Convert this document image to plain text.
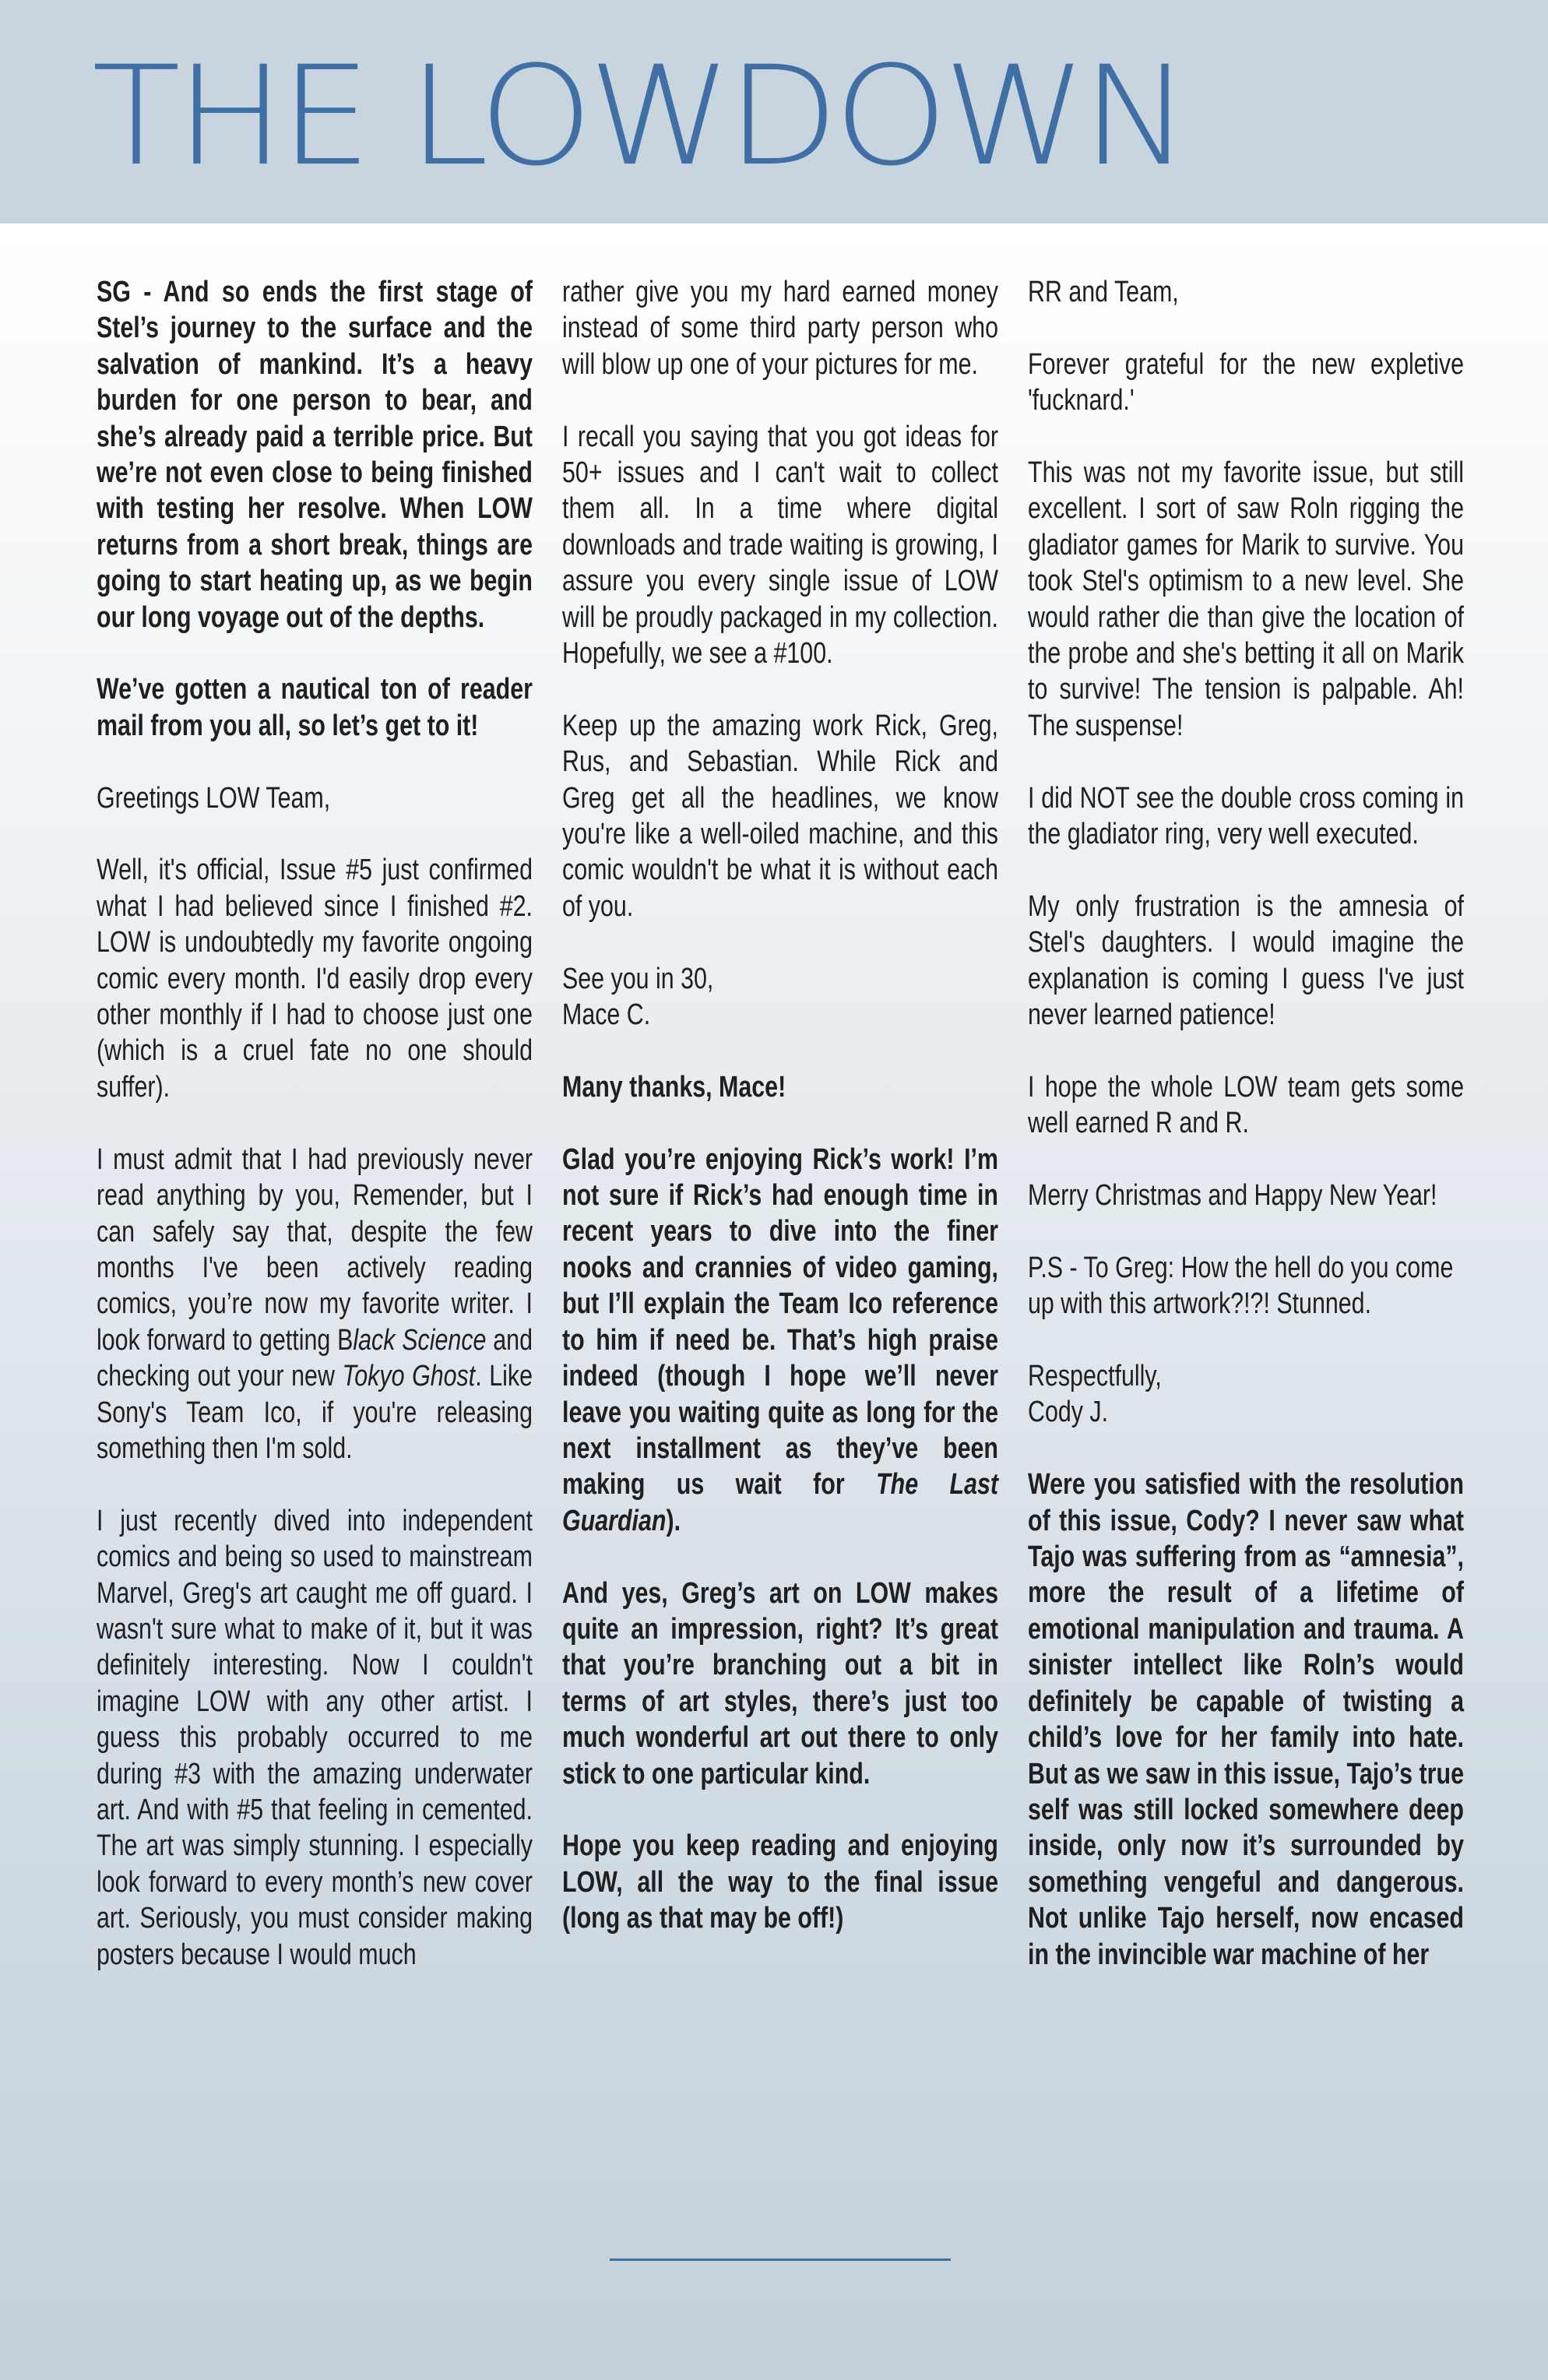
THE LOWDOWN

SG - And so ends the first stage of Stel’s journey to the surface and the salvation of mankind. It’s a heavy burden for one person to bear, and she’s already paid a terrible price. But we’re not even close to being finished with testing her resolve. When LOW returns from a short break, things are going to start heating up, as we begin our long voyage out of the depths.

We’ve gotten a nautical ton of reader mail from you all, so let’s get to it!

Greetings LOW Team,

Well, it's official, Issue #5 just confirmed what I had believed since I finished #2. LOW is undoubtedly my favorite ongoing comic every month. I'd easily drop every other monthly if I had to choose just one (which is a cruel fate no one should suffer).

I must admit that I had previously never read anything by you, Remender, but I can safely say that, despite the few months I've been actively reading comics, you’re now my favorite writer. I look forward to getting Black Science and checking out your new Tokyo Ghost. Like Sony's Team Ico, if you're releasing something then I'm sold.

I just recently dived into independent comics and being so used to mainstream Marvel, Greg's art caught me off guard. I wasn't sure what to make of it, but it was definitely interesting. Now I couldn't imagine LOW with any other artist. I guess this probably occurred to me during #3 with the amazing underwater art. And with #5 that feeling in cemented. The art was simply stunning. I especially look forward to every month’s new cover art. Seriously, you must consider making posters because I would much

rather give you my hard earned money instead of some third party person who will blow up one of your pictures for me.

I recall you saying that you got ideas for 50+ issues and I can't wait to collect them all. In a time where digital downloads and trade waiting is growing, I assure you every single issue of LOW will be proudly packaged in my collection. Hopefully, we see a #100.

Keep up the amazing work Rick, Greg, Rus, and Sebastian. While Rick and Greg get all the headlines, we know you're like a well-oiled machine, and this comic wouldn't be what it is without each of you.

See you in 30,

Mace C.

Many thanks, Mace!

Glad you’re enjoying Rick’s work! I’m not sure if Rick’s had enough time in recent years to dive into the finer nooks and crannies of video gaming, but I’ll explain the Team Ico reference to him if need be. That’s high praise indeed (though I hope we’ll never leave you waiting quite as long for the next installment as they’ve been making us wait for The Last Guardian).

And yes, Greg’s art on LOW makes quite an impression, right? It’s great that you’re branching out a bit in terms of art styles, there’s just too much wonderful art out there to only stick to one particular kind.

Hope you keep reading and enjoying LOW, all the way to the final issue (long as that may be off!)

RR and Team,

Forever grateful for the new expletive 'fucknard.'

This was not my favorite issue, but still excellent. I sort of saw Roln rigging the gladiator games for Marik to survive. You took Stel's optimism to a new level. She would rather die than give the location of the probe and she's betting it all on Marik to survive! The tension is palpable. Ah! The suspense!

I did NOT see the double cross coming in the gladiator ring, very well executed.

My only frustration is the amnesia of Stel's daughters. I would imagine the explanation is coming I guess I've just never learned patience!

I hope the whole LOW team gets some well earned R and R.

Merry Christmas and Happy New Year!

P.S - To Greg: How the hell do you come up with this artwork?!?! Stunned.

Respectfully,

Cody J.

Were you satisfied with the resolution of this issue, Cody? I never saw what Tajo was suffering from as “amnesia”, more the result of a lifetime of emotional manipulation and trauma. A sinister intellect like Roln’s would definitely be capable of twisting a child’s love for her family into hate. But as we saw in this issue, Tajo’s true self was still locked somewhere deep inside, only now it’s surrounded by something vengeful and dangerous. Not unlike Tajo herself, now encased in the invincible war machine of her
